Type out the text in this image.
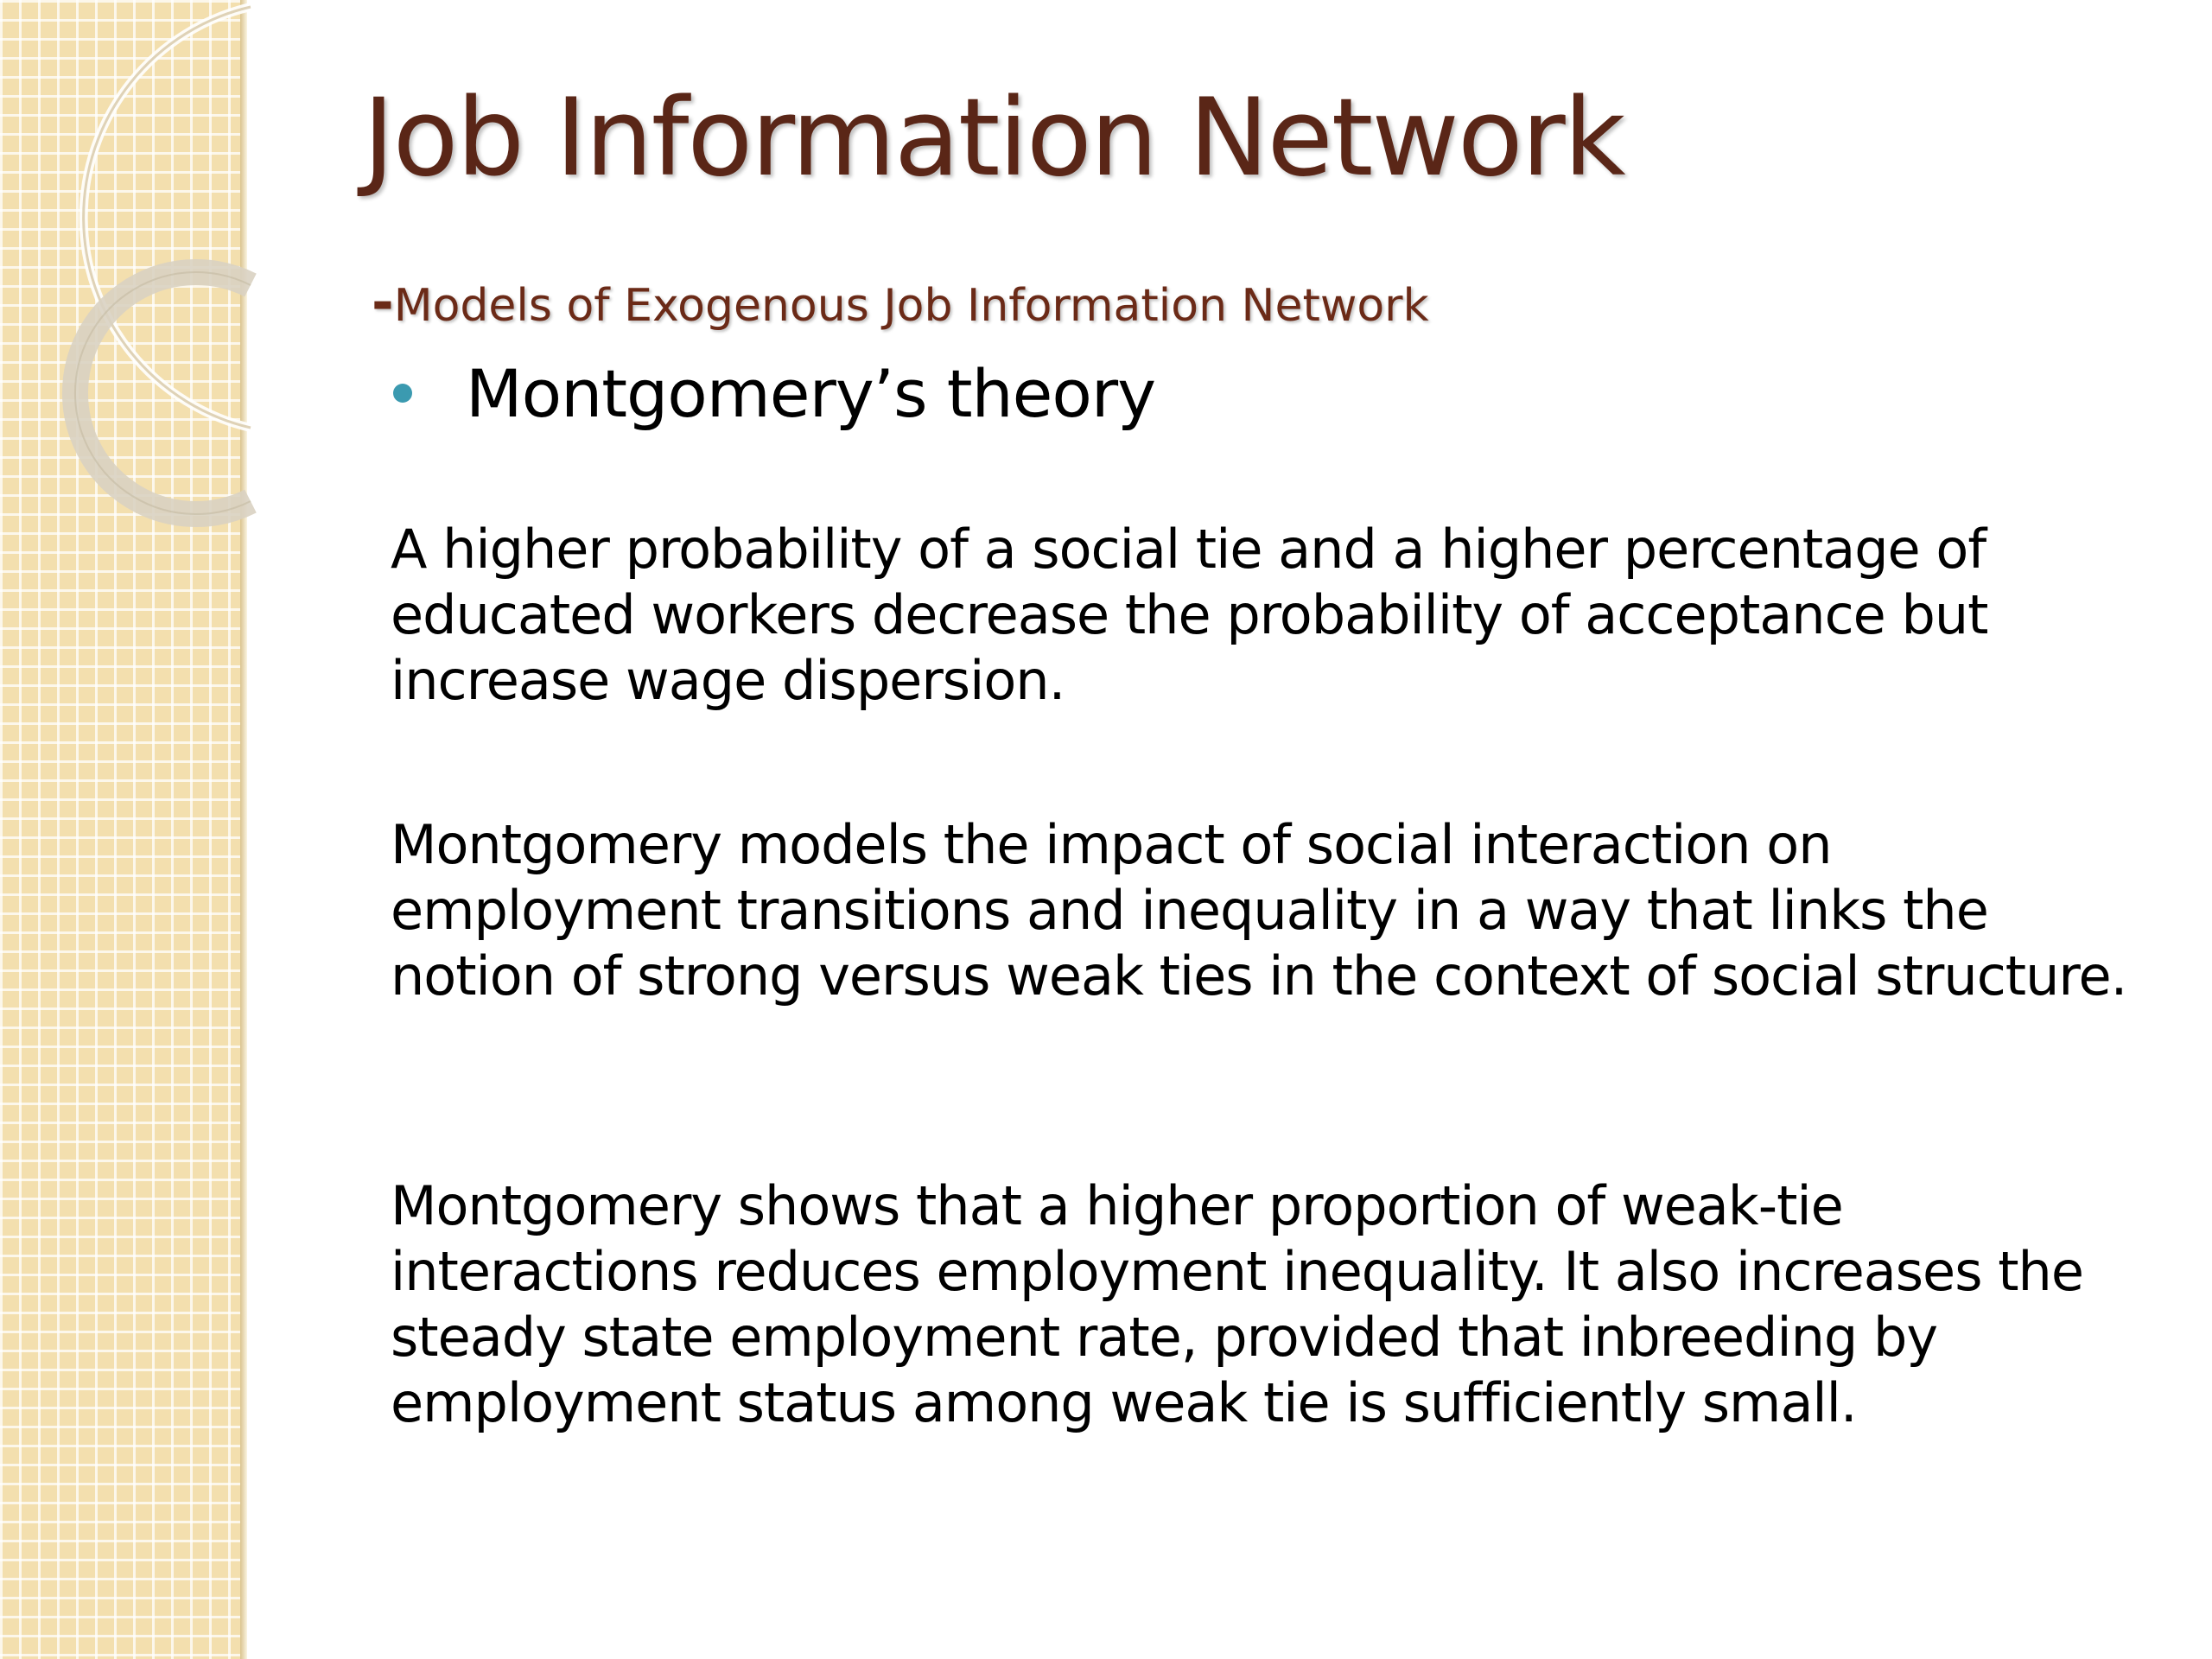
Job Information Network
-Models of Exogenous Job Information Network
Montgomery’s theory

A higher probability of a social tie and a higher percentage of educated workers decrease the probability of acceptance but increase wage dispersion.

Montgomery models the impact of social interaction on employment transitions and inequality in a way that links the notion of strong versus weak ties in the context of social structure.

Montgomery shows that a higher proportion of weak-tie interactions reduces employment inequality. It also increases the steady state employment rate, provided that inbreeding by employment status among weak tie is sufficiently small.
